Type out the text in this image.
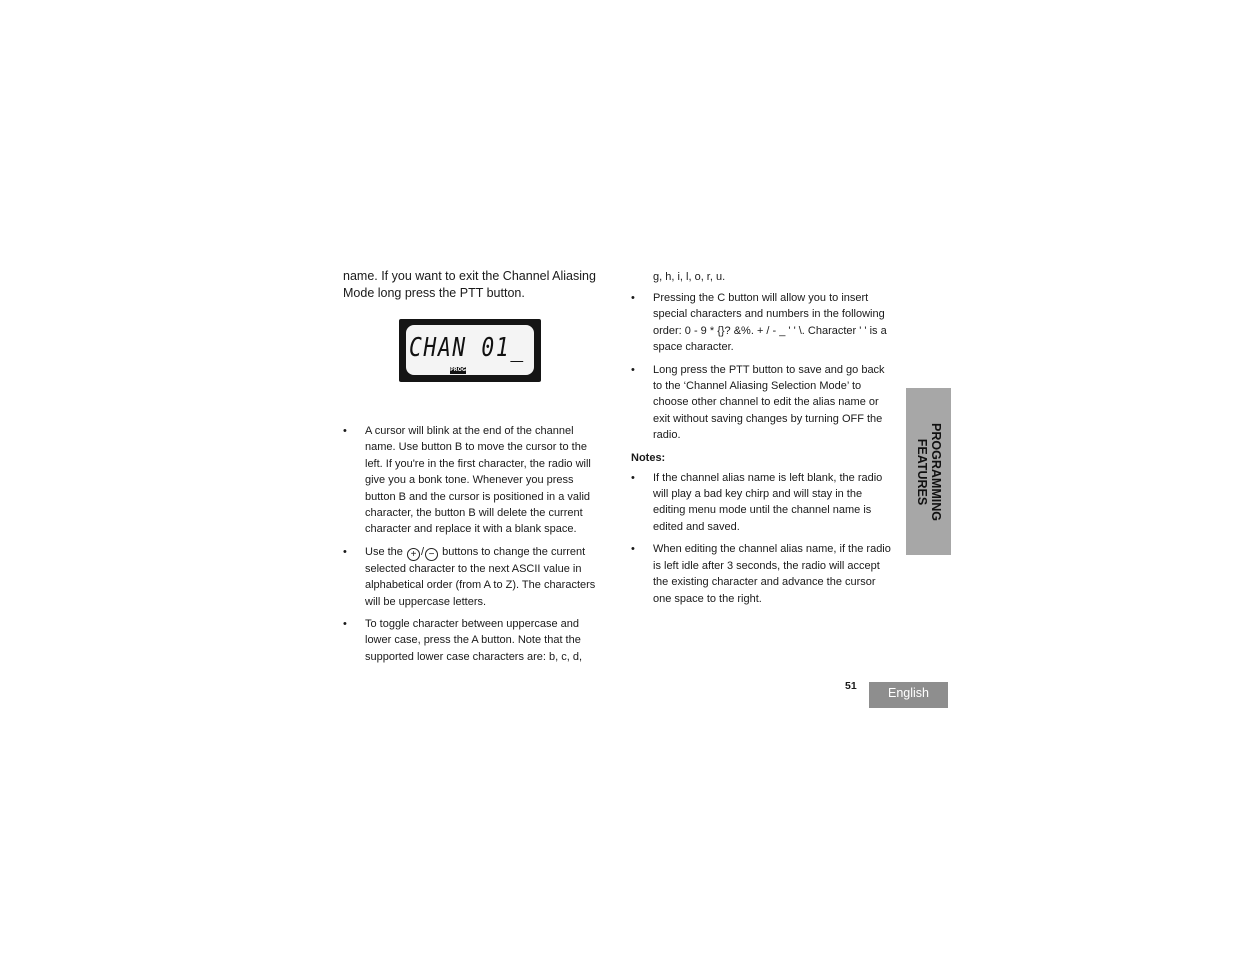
name. If you want to exit the Channel Aliasing Mode long press the PTT button.

CHAN 01_
PROG
• A cursor will blink at the end of the channel name. Use button B to move the cursor to the left. If you're in the first character, the radio will give you a bonk tone. Whenever you press button B and the cursor is positioned in a valid character, the button B will delete the current character and replace it with a blank space.
• Use the + / − buttons to change the current selected character to the next ASCII value in alphabetical order (from A to Z). The characters will be uppercase letters.
• To toggle character between uppercase and lower case, press the A button. Note that the supported lower case characters are: b, c, d,
g, h, i, l, o, r, u.
• Pressing the C button will allow you to insert special characters and numbers in the following order: 0 - 9 * {}? &%. + / - _ ' ' \. Character ' ' is a space character.
• Long press the PTT button to save and go back to the ‘Channel Aliasing Selection Mode’ to choose other channel to edit the alias name or exit without saving changes by turning OFF the radio.
Notes:
• If the channel alias name is left blank, the radio will play a bad key chirp and will stay in the editing menu mode until the channel name is edited and saved.
• When editing the channel alias name, if the radio is left idle after 3 seconds, the radio will accept the existing character and advance the cursor one space to the right.
PROGRAMMING
FEATURES
51	English
